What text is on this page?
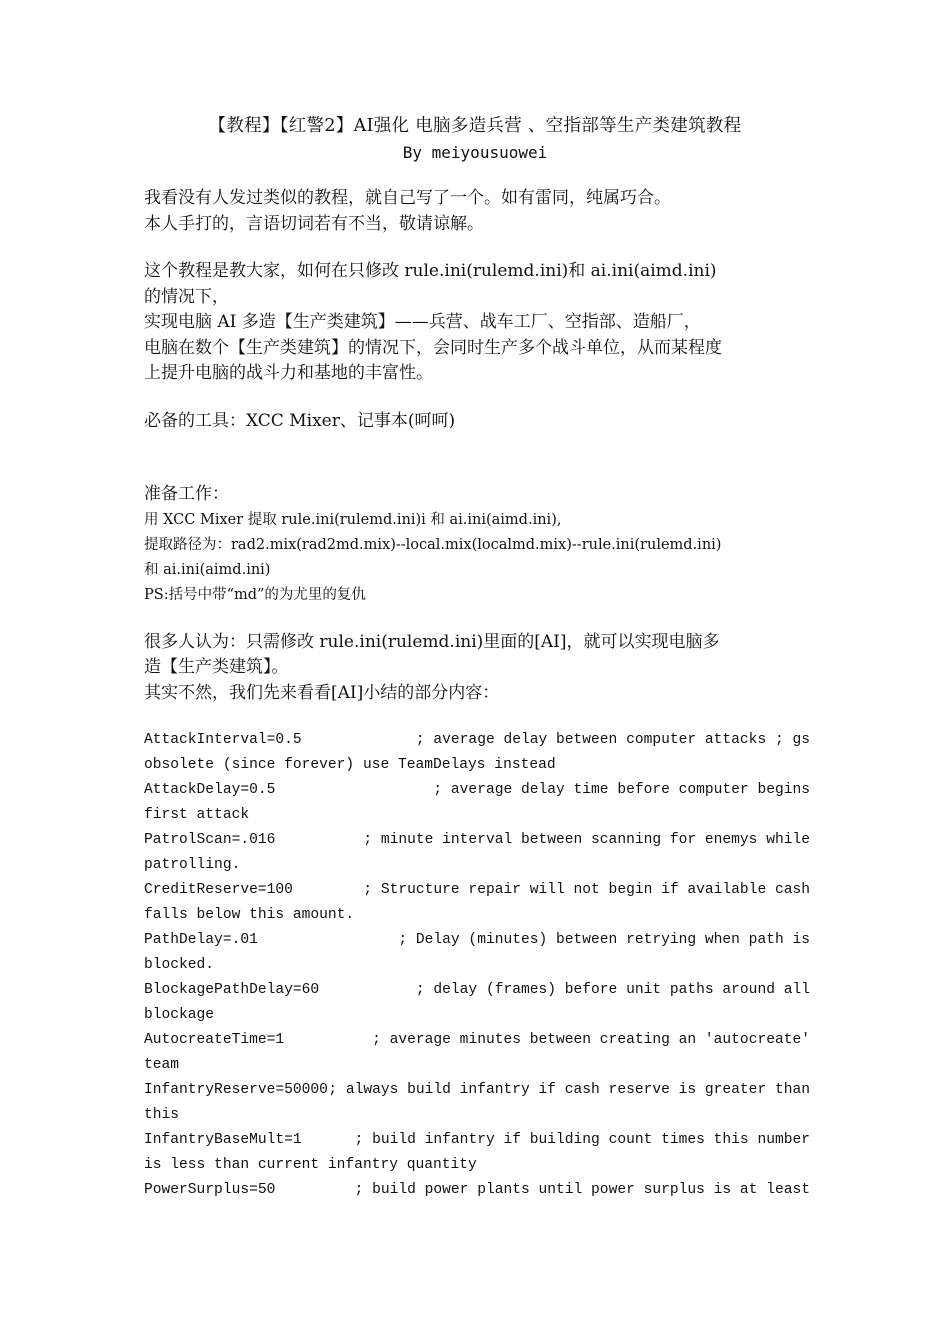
【教程】【红警2】AI强化 电脑多造兵营 、空指部等生产类建筑教程
By meiyousuowei

我看没有人发过类似的教程，就自己写了一个。如有雷同，纯属巧合。

本人手打的，言语切词若有不当，敬请谅解。

这个教程是教大家，如何在只修改 rule.ini(rulemd.ini)和 ai.ini(aimd.ini)

的情况下，

实现电脑 AI 多造【生产类建筑】——兵营、战车工厂、空指部、造船厂，

电脑在数个【生产类建筑】的情况下，会同时生产多个战斗单位，从而某程度

上提升电脑的战斗力和基地的丰富性。

必备的工具：XCC Mixer、记事本(呵呵)

准备工作：

用 XCC Mixer 提取 rule.ini(rulemd.ini)i 和 ai.ini(aimd.ini),

提取路径为：rad2.mix(rad2md.mix)--local.mix(localmd.mix)--rule.ini(rulemd.ini)

和 ai.ini(aimd.ini)

PS:括号中带“md”的为尤里的复仇

很多人认为：只需修改 rule.ini(rulemd.ini)里面的[AI]，就可以实现电脑多

造【生产类建筑】。

其实不然，我们先来看看[AI]小结的部分内容：

AttackInterval=0.5	; average delay between computer attacks ; gs
obsolete (since forever) use TeamDelays instead
AttackDelay=0.5	; average delay time before computer begins
first attack
PatrolScan=.016	; minute interval between scanning for enemys while
patrolling.
CreditReserve=100	; Structure repair will not begin if available cash
falls below this amount.
PathDelay=.01	; Delay (minutes) between retrying when path is
blocked.
BlockagePathDelay=60	; delay (frames) before unit paths around all
blockage
AutocreateTime=1	; average minutes between creating an 'autocreate'
team
InfantryReserve=50000 ; always build infantry if cash reserve is greater than
this
InfantryBaseMult=1	; build infantry if building count times this number
is less than current infantry quantity
PowerSurplus=50	; build power plants until power surplus is at least
